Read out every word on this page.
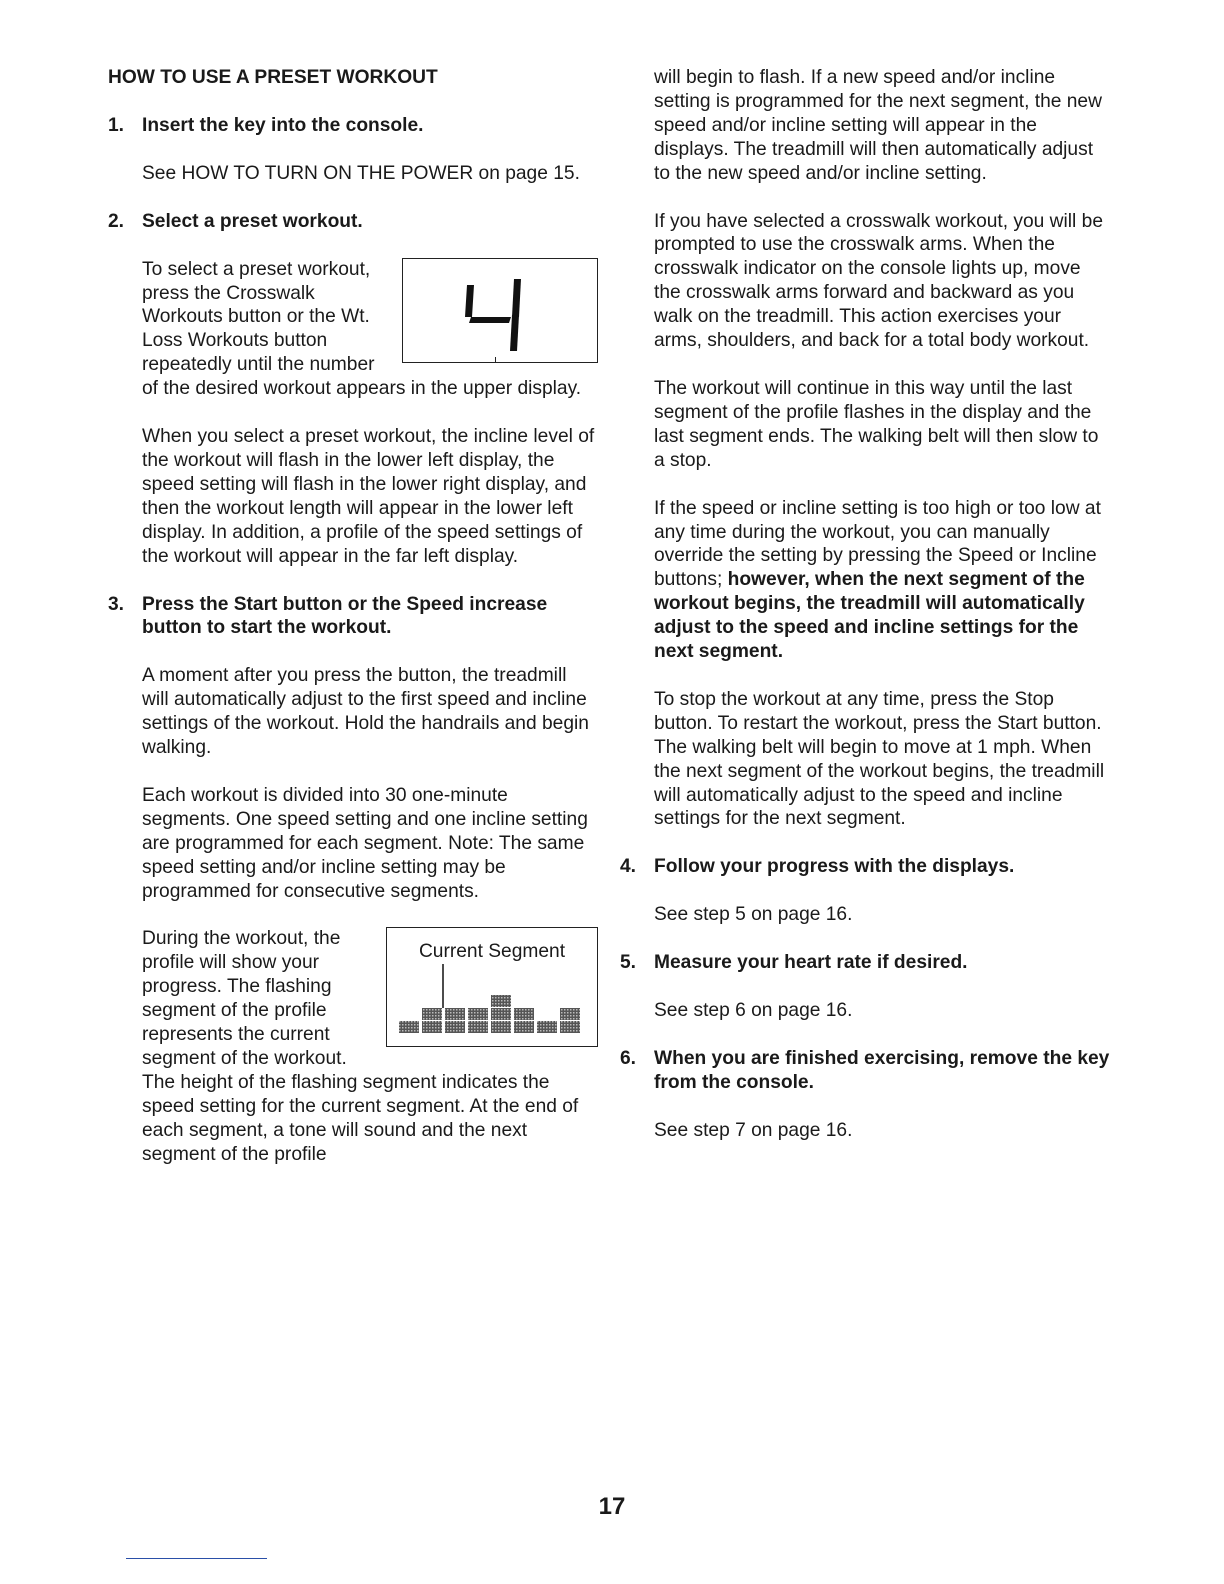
HOW TO USE A PRESET WORKOUT
1. Insert the key into the console.
See HOW TO TURN ON THE POWER on page 15.
2. Select a preset workout.
To select a preset workout, press the Crosswalk Workouts button or the Wt. Loss Workouts button repeatedly until the number of the desired workout appears in the upper display.
When you select a preset workout, the incline level of the workout will flash in the lower left display, the speed setting will flash in the lower right display, and then the workout length will appear in the lower left display. In addition, a profile of the speed settings of the workout will appear in the far left display.
3. Press the Start button or the Speed increase button to start the workout.
A moment after you press the button, the treadmill will automatically adjust to the first speed and incline settings of the workout. Hold the handrails and begin walking.
Each workout is divided into 30 one-minute segments. One speed setting and one incline setting are programmed for each segment. Note: The same speed setting and/or incline setting may be programmed for consecutive segments.
Current Segment
During the workout, the profile will show your progress. The flashing segment of the profile represents the current segment of the workout. The height of the flashing segment indicates the speed setting for the current segment. At the end of each segment, a tone will sound and the next segment of the profile
will begin to flash. If a new speed and/or incline setting is programmed for the next segment, the new speed and/or incline setting will appear in the displays. The treadmill will then automatically adjust to the new speed and/or incline setting.
If you have selected a crosswalk workout, you will be prompted to use the crosswalk arms. When the crosswalk indicator on the console lights up, move the crosswalk arms forward and backward as you walk on the treadmill. This action exercises your arms, shoulders, and back for a total body workout.
The workout will continue in this way until the last segment of the profile flashes in the display and the last segment ends. The walking belt will then slow to a stop.
If the speed or incline setting is too high or too low at any time during the workout, you can manually override the setting by pressing the Speed or Incline buttons; however, when the next segment of the workout begins, the treadmill will automatically adjust to the speed and incline settings for the next segment.
To stop the workout at any time, press the Stop button. To restart the workout, press the Start button. The walking belt will begin to move at 1 mph. When the next segment of the workout begins, the treadmill will automatically adjust to the speed and incline settings for the next segment.
4. Follow your progress with the displays.
See step 5 on page 16.
5. Measure your heart rate if desired.
See step 6 on page 16.
6. When you are finished exercising, remove the key from the console.
See step 7 on page 16.
17
